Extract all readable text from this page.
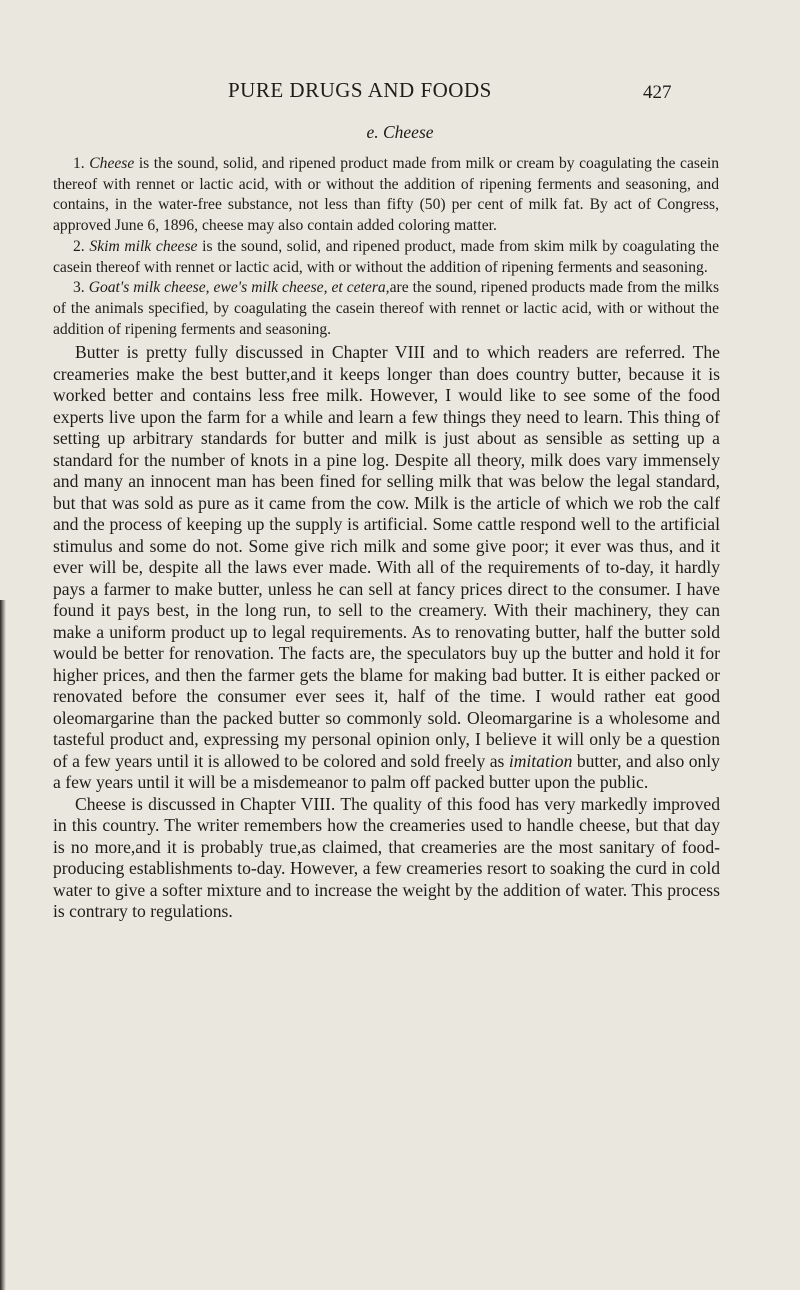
PURE DRUGS AND FOODS	427
e. Cheese

1. Cheese is the sound, solid, and ripened product made from milk or cream by coagulating the casein thereof with rennet or lactic acid, with or without the addition of ripening ferments and seasoning, and contains, in the water-free substance, not less than fifty (50) per cent of milk fat. By act of Congress, approved June 6, 1896, cheese may also contain added coloring matter.

2. Skim milk cheese is the sound, solid, and ripened product, made from skim milk by coagulating the casein thereof with rennet or lactic acid, with or without the addition of ripening ferments and seasoning.

3. Goat's milk cheese, ewe's milk cheese, et cetera,are the sound, ripened products made from the milks of the animals specified, by coagulating the casein thereof with rennet or lactic acid, with or without the addition of ripening ferments and seasoning.

Butter is pretty fully discussed in Chapter VIII and to which readers are referred. The creameries make the best butter,and it keeps longer than does country butter, because it is worked better and contains less free milk. However, I would like to see some of the food experts live upon the farm for a while and learn a few things they need to learn. This thing of setting up arbitrary standards for butter and milk is just about as sensible as setting up a standard for the number of knots in a pine log. Despite all theory, milk does vary immensely and many an innocent man has been fined for selling milk that was below the legal standard, but that was sold as pure as it came from the cow. Milk is the article of which we rob the calf and the process of keeping up the supply is artificial. Some cattle respond well to the artificial stimulus and some do not. Some give rich milk and some give poor; it ever was thus, and it ever will be, despite all the laws ever made. With all of the requirements of to-day, it hardly pays a farmer to make butter, unless he can sell at fancy prices direct to the consumer. I have found it pays best, in the long run, to sell to the creamery. With their machinery, they can make a uniform product up to legal requirements. As to renovating butter, half the butter sold would be better for renovation. The facts are, the speculators buy up the butter and hold it for higher prices, and then the farmer gets the blame for making bad butter. It is either packed or renovated before the consumer ever sees it, half of the time. I would rather eat good oleomargarine than the packed butter so commonly sold. Oleomargarine is a wholesome and tasteful product and, expressing my personal opinion only, I believe it will only be a question of a few years until it is allowed to be colored and sold freely as imitation butter, and also only a few years until it will be a misdemeanor to palm off packed butter upon the public.

Cheese is discussed in Chapter VIII. The quality of this food has very markedly improved in this country. The writer remembers how the creameries used to handle cheese, but that day is no more,and it is probably true,as claimed, that creameries are the most sanitary of food-producing establishments to-day. However, a few creameries resort to soaking the curd in cold water to give a softer mixture and to increase the weight by the addition of water. This process is contrary to regulations.
